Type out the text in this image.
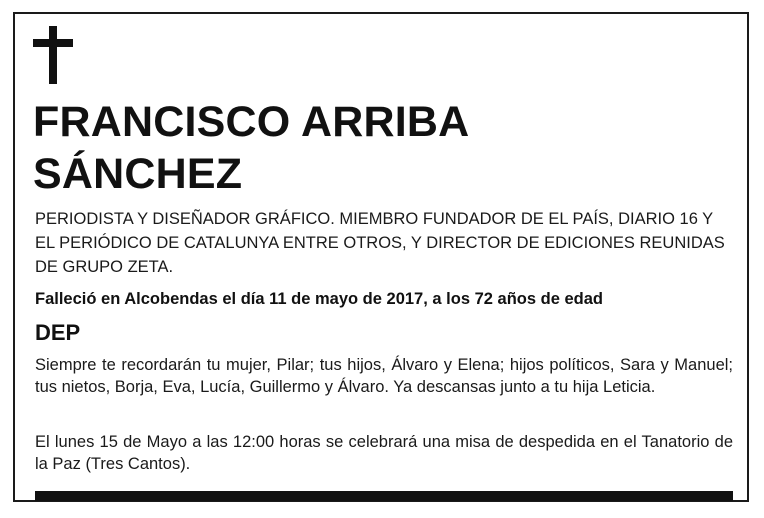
FRANCISCO ARRIBA
SÁNCHEZ

PERIODISTA Y DISEÑADOR GRÁFICO. MIEMBRO FUNDADOR DE EL PAÍS, DIARIO 16 Y EL PERIÓDICO DE CATALUNYA ENTRE OTROS, Y DIRECTOR DE EDICIONES REUNIDAS DE GRUPO ZETA.

Falleció en Alcobendas el día 11 de mayo de 2017, a los 72 años de edad

DEP

Siempre te recordarán tu mujer, Pilar; tus hijos, Álvaro y Elena; hijos políticos, Sara y Manuel; tus nietos, Borja, Eva, Lucía, Guillermo y Álvaro. Ya descansas junto a tu hija Leticia.

El lunes 15 de Mayo a las 12:00 horas se celebrará una misa de despedida en el Tanatorio de la Paz (Tres Cantos).
